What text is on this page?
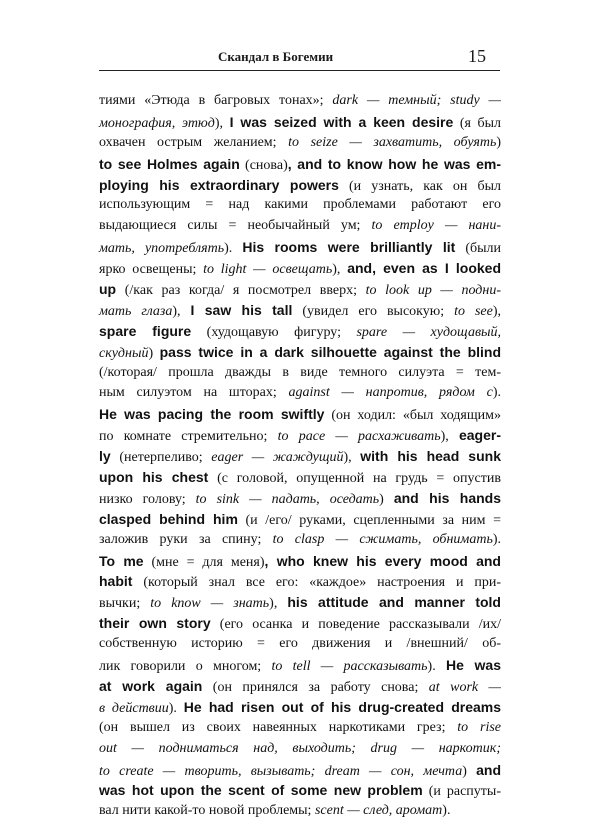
Скандал в Богемии	15
тиями «Этюда в багровых тонах»; dark — темный; study —
монография, этюд), I was seized with a keen desire (я был
охвачен острым желанием; to seize — захватить, обуять)
to see Holmes again (снова), and to know how he was em-
ploying his extraordinary powers (и узнать, как он был
использующим = над какими проблемами работают его
выдающиеся силы = необычайный ум; to employ — нани-
мать, употреблять). His rooms were brilliantly lit (были
ярко освещены; to light — освещать), and, even as I looked
up (/как раз когда/ я посмотрел вверх; to look up — подни-
мать глаза), I saw his tall (увидел его высокую; to see),
spare figure (худощавую фигуру; spare — худощавый,
скудный) pass twice in a dark silhouette against the blind
(/которая/ прошла дважды в виде темного силуэта = тем-
ным силуэтом на шторах; against — напротив, рядом с).
He was pacing the room swiftly (он ходил: «был ходящим»
по комнате стремительно; to pace — расхаживать), eager-
ly (нетерпеливо; eager — жаждущий), with his head sunk
upon his chest (с головой, опущенной на грудь = опустив
низко голову; to sink — падать, оседать) and his hands
clasped behind him (и /его/ руками, сцепленными за ним =
заложив руки за спину; to clasp — сжимать, обнимать).
To me (мне = для меня), who knew his every mood and
habit (который знал все его: «каждое» настроения и при-
вычки; to know — знать), his attitude and manner told
their own story (его осанка и поведение рассказывали /их/
собственную историю = его движения и /внешний/ об-
лик говорили о многом; to tell — рассказывать). He was
at work again (он принялся за работу снова; at work —
в действии). He had risen out of his drug-created dreams
(он вышел из своих навеянных наркотиками грез; to rise
out — подниматься над, выходить; drug — наркотик;
to create — творить, вызывать; dream — сон, мечта) and
was hot upon the scent of some new problem (и распуты-
вал нити какой-то новой проблемы; scent — след, аромат).
